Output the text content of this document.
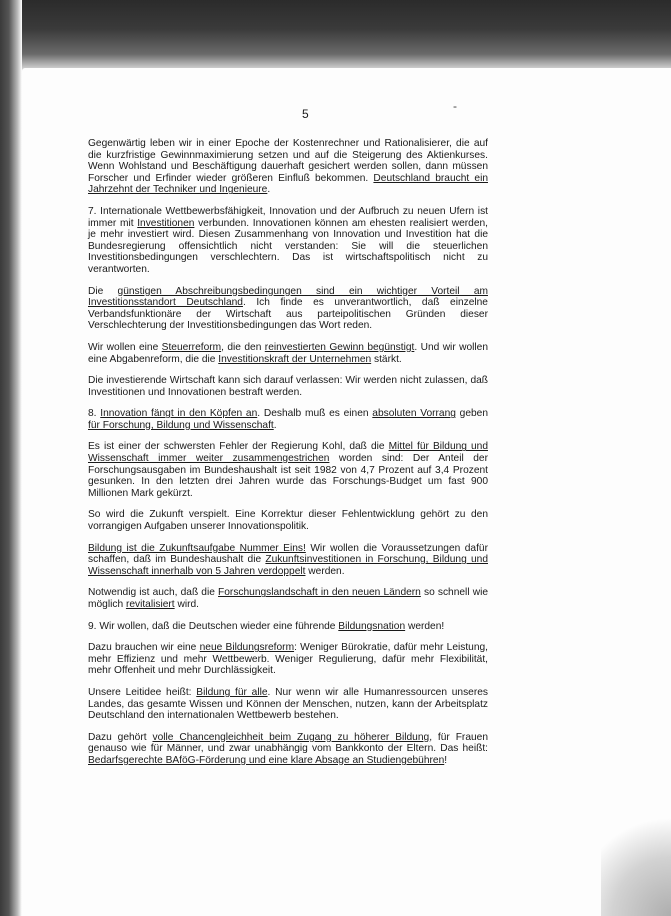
5
-

Gegenwärtig leben wir in einer Epoche der Kostenrechner und Rationalisierer, die auf die kurzfristige Gewinnmaximierung setzen und auf die Steigerung des Aktienkurses. Wenn Wohlstand und Beschäftigung dauerhaft gesichert werden sollen, dann müssen Forscher und Erfinder wieder größeren Einfluß bekommen. Deutschland braucht ein Jahrzehnt der Techniker und Ingenieure.

7. Internationale Wettbewerbsfähigkeit, Innovation und der Aufbruch zu neuen Ufern ist immer mit Investitionen verbunden. Innovationen können am ehesten realisiert werden, je mehr investiert wird. Diesen Zusammenhang von Innovation und Investition hat die Bundesregierung offensichtlich nicht verstanden: Sie will die steuerlichen Investitionsbedingungen verschlechtern. Das ist wirtschaftspolitisch nicht zu verantworten.

Die günstigen Abschreibungsbedingungen sind ein wichtiger Vorteil am Investitionsstandort Deutschland. Ich finde es unverantwortlich, daß einzelne Verbandsfunktionäre der Wirtschaft aus parteipolitischen Gründen dieser Verschlechterung der Investitionsbedingungen das Wort reden.

Wir wollen eine Steuerreform, die den reinvestierten Gewinn begünstigt. Und wir wollen eine Abgabenreform, die die Investitionskraft der Unternehmen stärkt.

Die investierende Wirtschaft kann sich darauf verlassen: Wir werden nicht zulassen, daß Investitionen und Innovationen bestraft werden.

8. Innovation fängt in den Köpfen an. Deshalb muß es einen absoluten Vorrang geben für Forschung, Bildung und Wissenschaft.

Es ist einer der schwersten Fehler der Regierung Kohl, daß die Mittel für Bildung und Wissenschaft immer weiter zusammengestrichen worden sind: Der Anteil der Forschungsausgaben im Bundeshaushalt ist seit 1982 von 4,7 Prozent auf 3,4 Prozent gesunken. In den letzten drei Jahren wurde das Forschungs-Budget um fast 900 Millionen Mark gekürzt.

So wird die Zukunft verspielt. Eine Korrektur dieser Fehlentwicklung gehört zu den vorrangigen Aufgaben unserer Innovationspolitik.

Bildung ist die Zukunftsaufgabe Nummer Eins! Wir wollen die Voraussetzungen dafür schaffen, daß im Bundeshaushalt die Zukunftsinvestitionen in Forschung, Bildung und Wissenschaft innerhalb von 5 Jahren verdoppelt werden.

Notwendig ist auch, daß die Forschungslandschaft in den neuen Ländern so schnell wie möglich revitalisiert wird.

9. Wir wollen, daß die Deutschen wieder eine führende Bildungsnation werden!

Dazu brauchen wir eine neue Bildungsreform: Weniger Bürokratie, dafür mehr Leistung, mehr Effizienz und mehr Wettbewerb. Weniger Regulierung, dafür mehr Flexibilität, mehr Offenheit und mehr Durchlässigkeit.

Unsere Leitidee heißt: Bildung für alle. Nur wenn wir alle Humanressourcen unseres Landes, das gesamte Wissen und Können der Menschen, nutzen, kann der Arbeitsplatz Deutschland den internationalen Wettbewerb bestehen.

Dazu gehört volle Chancengleichheit beim Zugang zu höherer Bildung, für Frauen genauso wie für Männer, und zwar unabhängig vom Bankkonto der Eltern. Das heißt: Bedarfsgerechte BAföG-Förderung und eine klare Absage an Studiengebühren!
